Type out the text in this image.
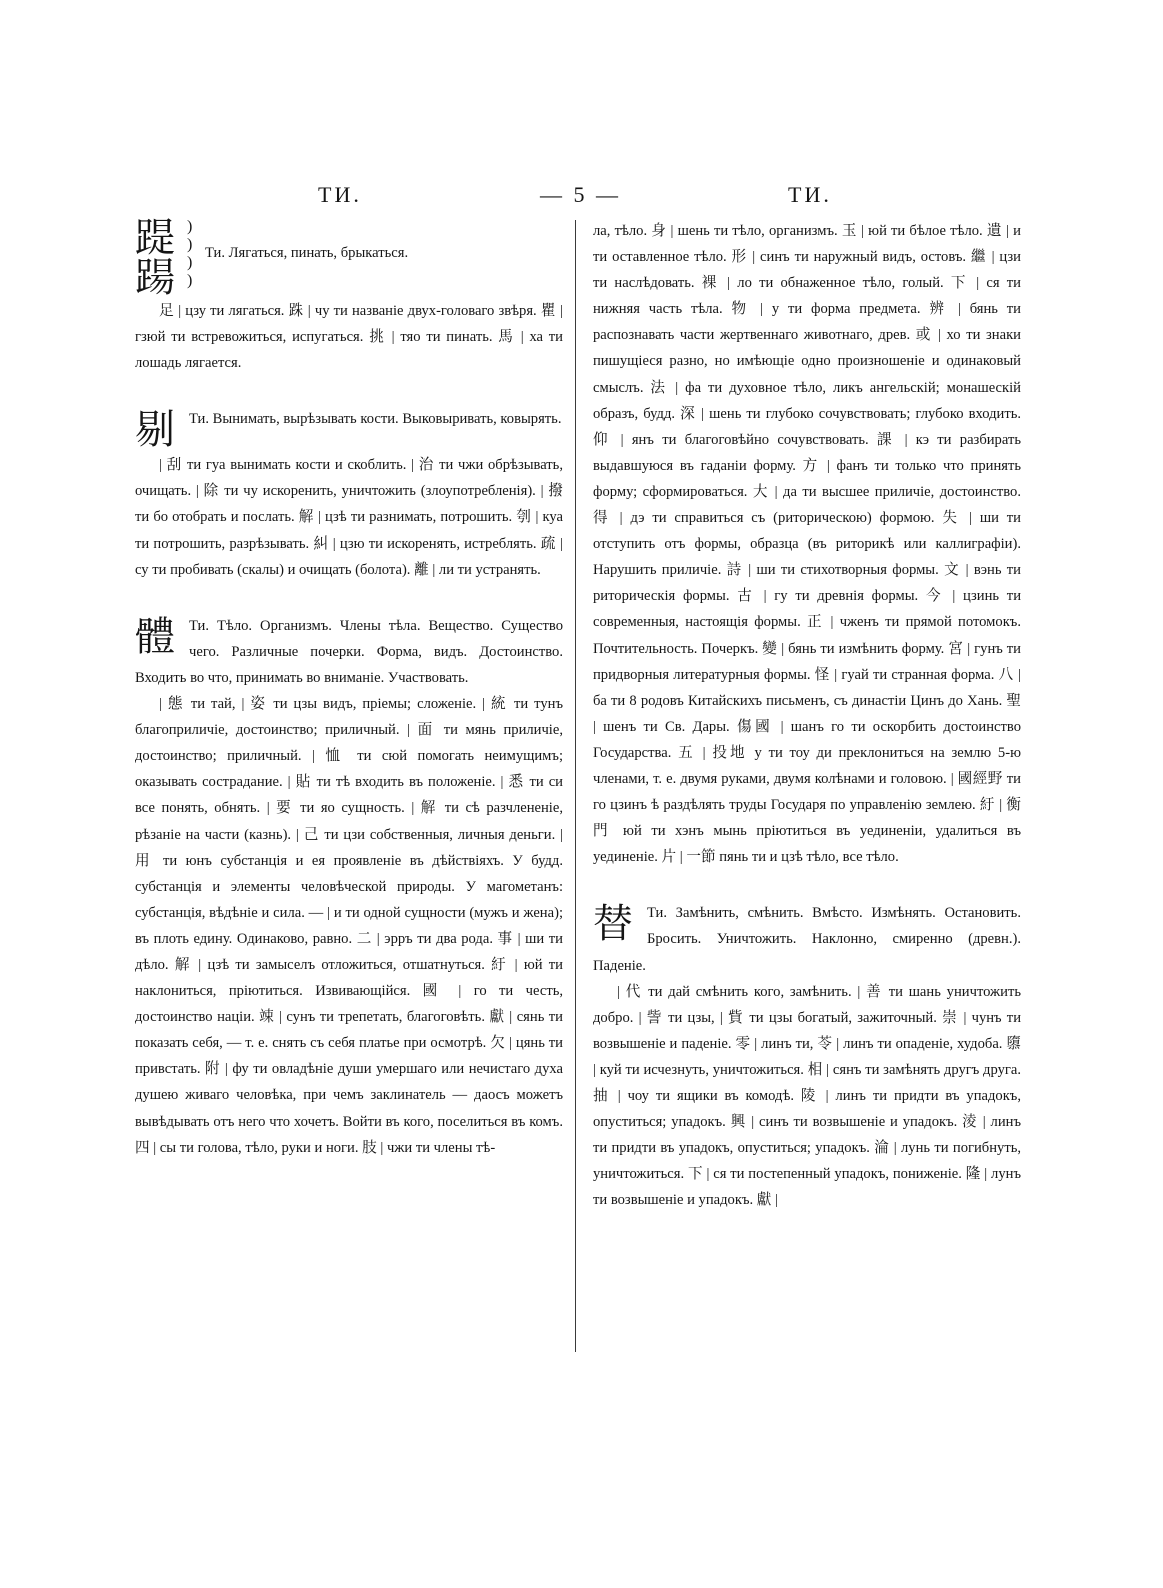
ТИ.	— 5 —	ТИ.
踶
踼
)
)
)
)
Ти. Лягаться, пинать, брыкаться.
足 | цзу ти лягаться. 跦 | чу ти названіе двух-головаго звѣря. 瞿 | гзюй ти встревожиться, испугаться. 挑 | тяо ти пинать. 馬 | ха ти лошадь лягается.
剔 Ти. Вынимать, вырѣзывать кости. Выковыривать, ковырять.
| 刮 ти гуа вынимать кости и скоблить. | 治 ти чжи обрѣзывать, очищать. | 除 ти чу искоренить, уничтожить (злоупотребленія). | 撥 ти бо отобрать и послать. 解 | цзѣ ти разнимать, потрошить. 刳 | куа ти потрошить, разрѣзывать. 糾 | цзю ти искоренять, истреблять. 疏 | су ти пробивать (скалы) и очищать (болота). 離 | ли ти устранять.
體 Ти. Тѣло. Организмъ. Члены тѣла. Вещество. Существо чего. Различные почерки. Форма, видъ. Достоинство. Входить во что, принимать во вниманіе. Участвовать.
| 態 ти тай, | 姿 ти цзы видъ, пріемы; сложеніе. | 統 ти тунъ благоприличіе, достоинство; приличный. | 面 ти мянь приличіе, достоинство; приличный. | 恤 ти сюй помогать неимущимъ; оказывать сострадание. | 貼 ти тѣ входить въ положеніе. | 悉 ти си все понять, обнять. | 要 ти яо сущность. | 解 ти сѣ разчлененіе, рѣзаніе на части (казнь). | 己 ти цзи собственныя, личныя деньги. | 用 ти юнъ субстанція и ея проявленіе въ дѣйствіяхъ. У будд. субстанція и элементы человѣческой природы. У магометанъ: субстанція, вѣдѣніе и сила. — | и ти одной сущности (мужъ и жена); въ плоть едину. Одинаково, равно. 二 | эрръ ти два рода. 事 | ши ти дѣло. 解 | цзѣ ти замыселъ отложиться, отшатнуться. 紆 | юй ти наклониться, пріютиться. Извивающійся. 國 | го ти честь, достоинство націи. 竦 | сунъ ти трепетать, благоговѣть. 獻 | сянь ти показать себя, — т. е. снять съ себя платье при осмотрѣ. 欠 | цянь ти привстать. 附 | фу ти овладѣніе души умершаго или нечистаго духа душею живаго человѣка, при чемъ заклинатель — даосъ можетъ вывѣдывать отъ него что хочетъ. Войти въ кого, поселиться въ комъ. 四 | сы ти голова, тѣло, руки и ноги. 肢 | чжи ти члены тѣ-
ла, тѣло. 身 | шень ти тѣло, организмъ. 玉 | юй ти бѣлое тѣло. 遺 | и ти оставленное тѣло. 形 | синъ ти наружный видъ, остовъ. 繼 | цзи ти наслѣдовать. 裸 | ло ти обнаженное тѣло, голый. 下 | ся ти нижняя часть тѣла. 物 | у ти форма предмета. 辨 | бянь ти распознавать части жертвеннаго животнаго, древ. 或 | хо ти знаки пишущіеся разно, но имѣющіе одно произношеніе и одинаковый смыслъ. 法 | фа ти духовное тѣло, ликъ ангельскій; монашескій образъ, будд. 深 | шень ти глубоко сочувствовать; глубоко входить. 仰 | янъ ти благоговѣйно сочувствовать. 課 | кэ ти разбирать выдавшуюся въ гаданіи форму. 方 | фанъ ти только что принять форму; сформироваться. 大 | да ти высшее приличіе, достоинство. 得 | дэ ти справиться съ (риторическою) формою. 失 | ши ти отступить отъ формы, образца (въ риторикѣ или каллиграфіи). Нарушить приличіе. 詩 | ши ти стихотворныя формы. 文 | вэнь ти риторическія формы. 古 | гу ти древнія формы. 今 | цзинь ти современныя, настоящія формы. 正 | чженъ ти прямой потомокъ. Почтительность. Почеркъ. 變 | бянь ти измѣнить форму. 宮 | гунъ ти придворныя литературныя формы. 怪 | гуай ти странная форма. 八 | ба ти 8 родовъ Китайскихъ письменъ, съ династіи Цинъ до Хань. 聖 | шенъ ти Св. Дары. 傷國 | шанъ го ти оскорбить достоинство Государства. 五 | 投地 у ти тоу ди преклониться на землю 5-ю членами, т. е. двумя руками, двумя колѣнами и головою. | 國經野 ти го цзинъ ѣ раздѣлять труды Государя по управленію землею. 紆 | 衡門 юй ти хэнъ мынь пріютиться въ уединеніи, удалиться въ уединеніе. 片 | 一節 пянь ти и цзѣ тѣло, все тѣло.
替 Ти. Замѣнить, смѣнить. Вмѣсто. Измѣнять. Остановить. Бросить. Уничтожить. Наклонно, смиренно (древн.). Паденіе.
| 代 ти дай смѣнить кого, замѣнить. | 善 ти шань уничтожить добро. | 訾 ти цзы, | 貲 ти цзы богатый, зажиточный. 崇 | чунъ ти возвышеніе и паденіе. 零 | линъ ти, 苓 | линъ ти опаденіе, худоба. 隳 | куй ти исчезнуть, уничтожиться. 相 | сянъ ти замѣнять другъ друга. 抽 | чоу ти ящики въ комодѣ. 陵 | линъ ти придти въ упадокъ, опуститься; упадокъ. 興 | синъ ти возвышеніе и упадокъ. 淩 | линъ ти придти въ упадокъ, опуститься; упадокъ. 淪 | лунь ти погибнуть, уничтожиться. 下 | ся ти постепенный упадокъ, пониженіе. 隆 | лунъ ти возвышеніе и упадокъ. 獻 |
